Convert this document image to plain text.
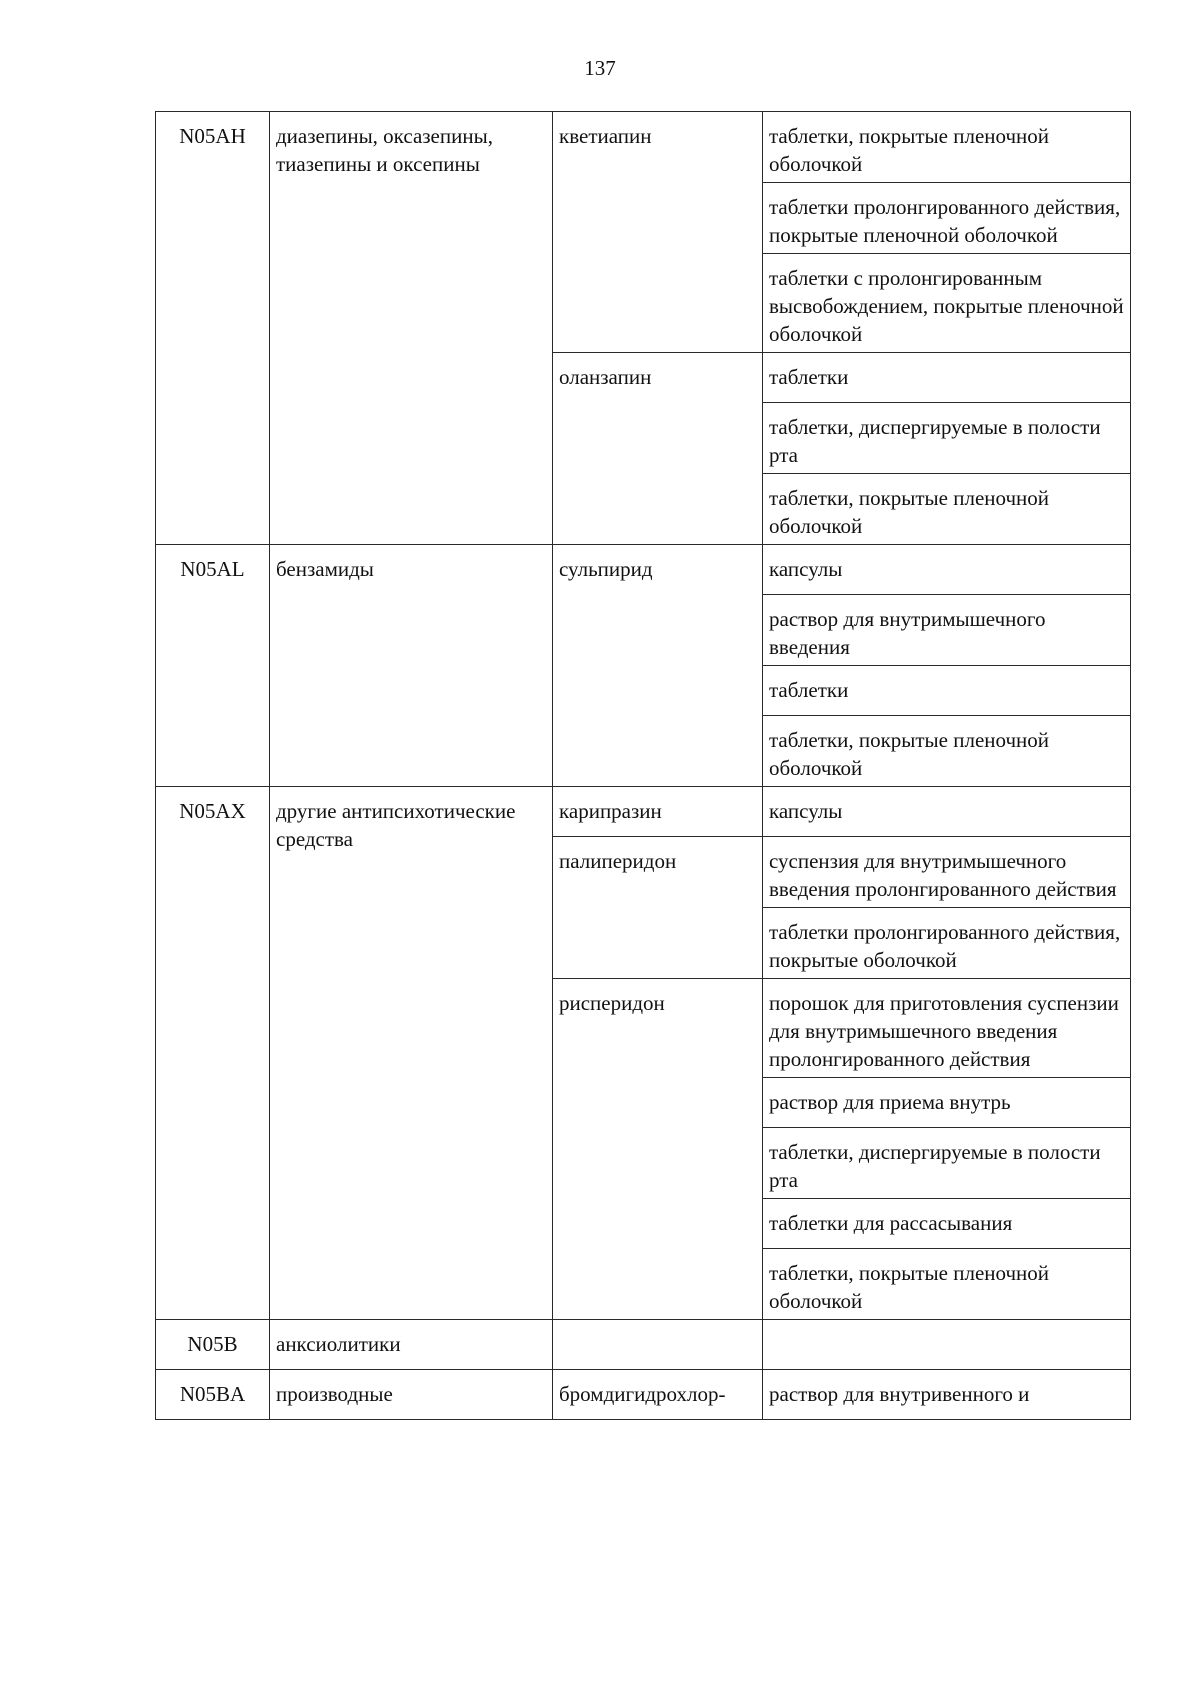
137
N05AH	диазепины, оксазепины, тиазепины и оксепины	кветиапин	таблетки, покрытые пленочной оболочкой
			таблетки пролонгированного действия, покрытые пленочной оболочкой
			таблетки с пролонгированным высвобождением, покрытые пленочной оболочкой
		оланзапин	таблетки
			таблетки, диспергируемые в полости рта
			таблетки, покрытые пленочной оболочкой
N05AL	бензамиды	сульпирид	капсулы
			раствор для внутримышечного введения
			таблетки
			таблетки, покрытые пленочной оболочкой
N05AX	другие антипсихотические средства	карипразин	капсулы
		палиперидон	суспензия для внутримышечного введения пролонгированного действия
			таблетки пролонгированного действия, покрытые оболочкой
		рисперидон	порошок для приготовления суспензии для внутримышечного введения пролонгированного действия
			раствор для приема внутрь
			таблетки, диспергируемые в полости рта
			таблетки для рассасывания
			таблетки, покрытые пленочной оболочкой
N05B	анксиолитики		
N05BA	производные	бромдигидрохлор-	раствор для внутривенного и
